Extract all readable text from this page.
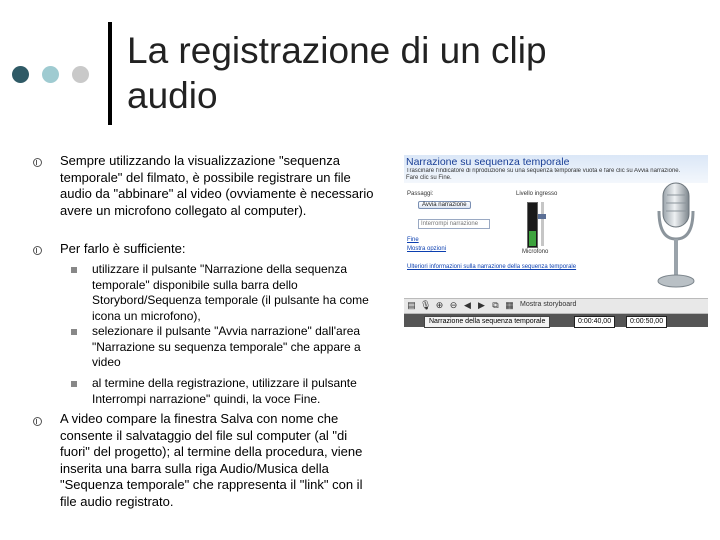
La registrazione di un clip
audio
Sempre utilizzando la visualizzazione "sequenza
temporale" del filmato, è possibile registrare un file
audio da "abbinare" al video (ovviamente è necessario
avere un microfono collegato al computer).
Per farlo è sufficiente:
utilizzare il pulsante "Narrazione della sequenza
temporale" disponibile sulla barra dello
Storybord/Sequenza temporale (il pulsante ha come
icona un microfono),
selezionare il pulsante "Avvia narrazione" dall'area
"Narrazione su sequenza temporale" che appare a
video
al termine della registrazione, utilizzare il pulsante
Interrompi narrazione" quindi, la voce Fine.
A video compare la finestra Salva con nome che
consente il salvataggio del file sul computer (al "di
fuori" del progetto); al termine della procedura, viene
inserita una barra sulla riga Audio/Musica della
"Sequenza temporale" che rappresenta il "link" con il
file audio registrato.
Narrazione su sequenza temporale
Trascinare l'indicatore di riproduzione su una sequenza temporale vuota e fare clic su Avvia narrazione.
Fare clic su Fine.
Passaggi:	Livello ingresso
Avvia narrazione
Interrompi narrazione
Fine
Mostra opzioni	Microfono
Ulteriori informazioni sulla narrazione della sequenza temporale
▤ 🎙 ⊕ ⊖ ◀ ▶ ⧉ ▦ Mostra storyboard
Narrazione della sequenza temporale	0:00:40,00	0:00:50,00
